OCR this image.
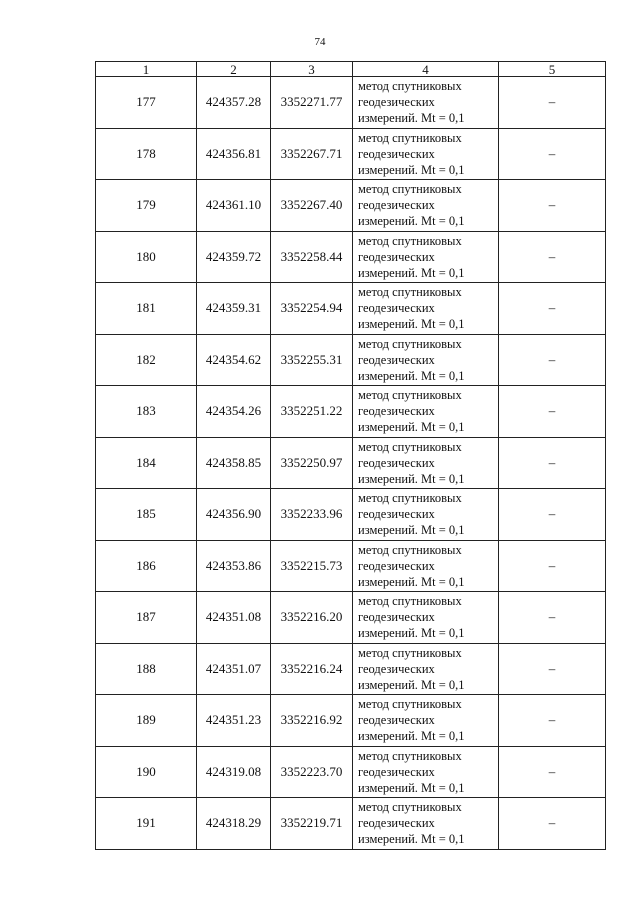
74
1	2	3	4	5
177	424357.28	3352271.77	метод спутниковых
геодезических
измерений. Mt = 0,1	–
178	424356.81	3352267.71	метод спутниковых
геодезических
измерений. Mt = 0,1	–
179	424361.10	3352267.40	метод спутниковых
геодезических
измерений. Mt = 0,1	–
180	424359.72	3352258.44	метод спутниковых
геодезических
измерений. Mt = 0,1	–
181	424359.31	3352254.94	метод спутниковых
геодезических
измерений. Mt = 0,1	–
182	424354.62	3352255.31	метод спутниковых
геодезических
измерений. Mt = 0,1	–
183	424354.26	3352251.22	метод спутниковых
геодезических
измерений. Mt = 0,1	–
184	424358.85	3352250.97	метод спутниковых
геодезических
измерений. Mt = 0,1	–
185	424356.90	3352233.96	метод спутниковых
геодезических
измерений. Mt = 0,1	–
186	424353.86	3352215.73	метод спутниковых
геодезических
измерений. Mt = 0,1	–
187	424351.08	3352216.20	метод спутниковых
геодезических
измерений. Mt = 0,1	–
188	424351.07	3352216.24	метод спутниковых
геодезических
измерений. Mt = 0,1	–
189	424351.23	3352216.92	метод спутниковых
геодезических
измерений. Mt = 0,1	–
190	424319.08	3352223.70	метод спутниковых
геодезических
измерений. Mt = 0,1	–
191	424318.29	3352219.71	метод спутниковых
геодезических
измерений. Mt = 0,1	–
